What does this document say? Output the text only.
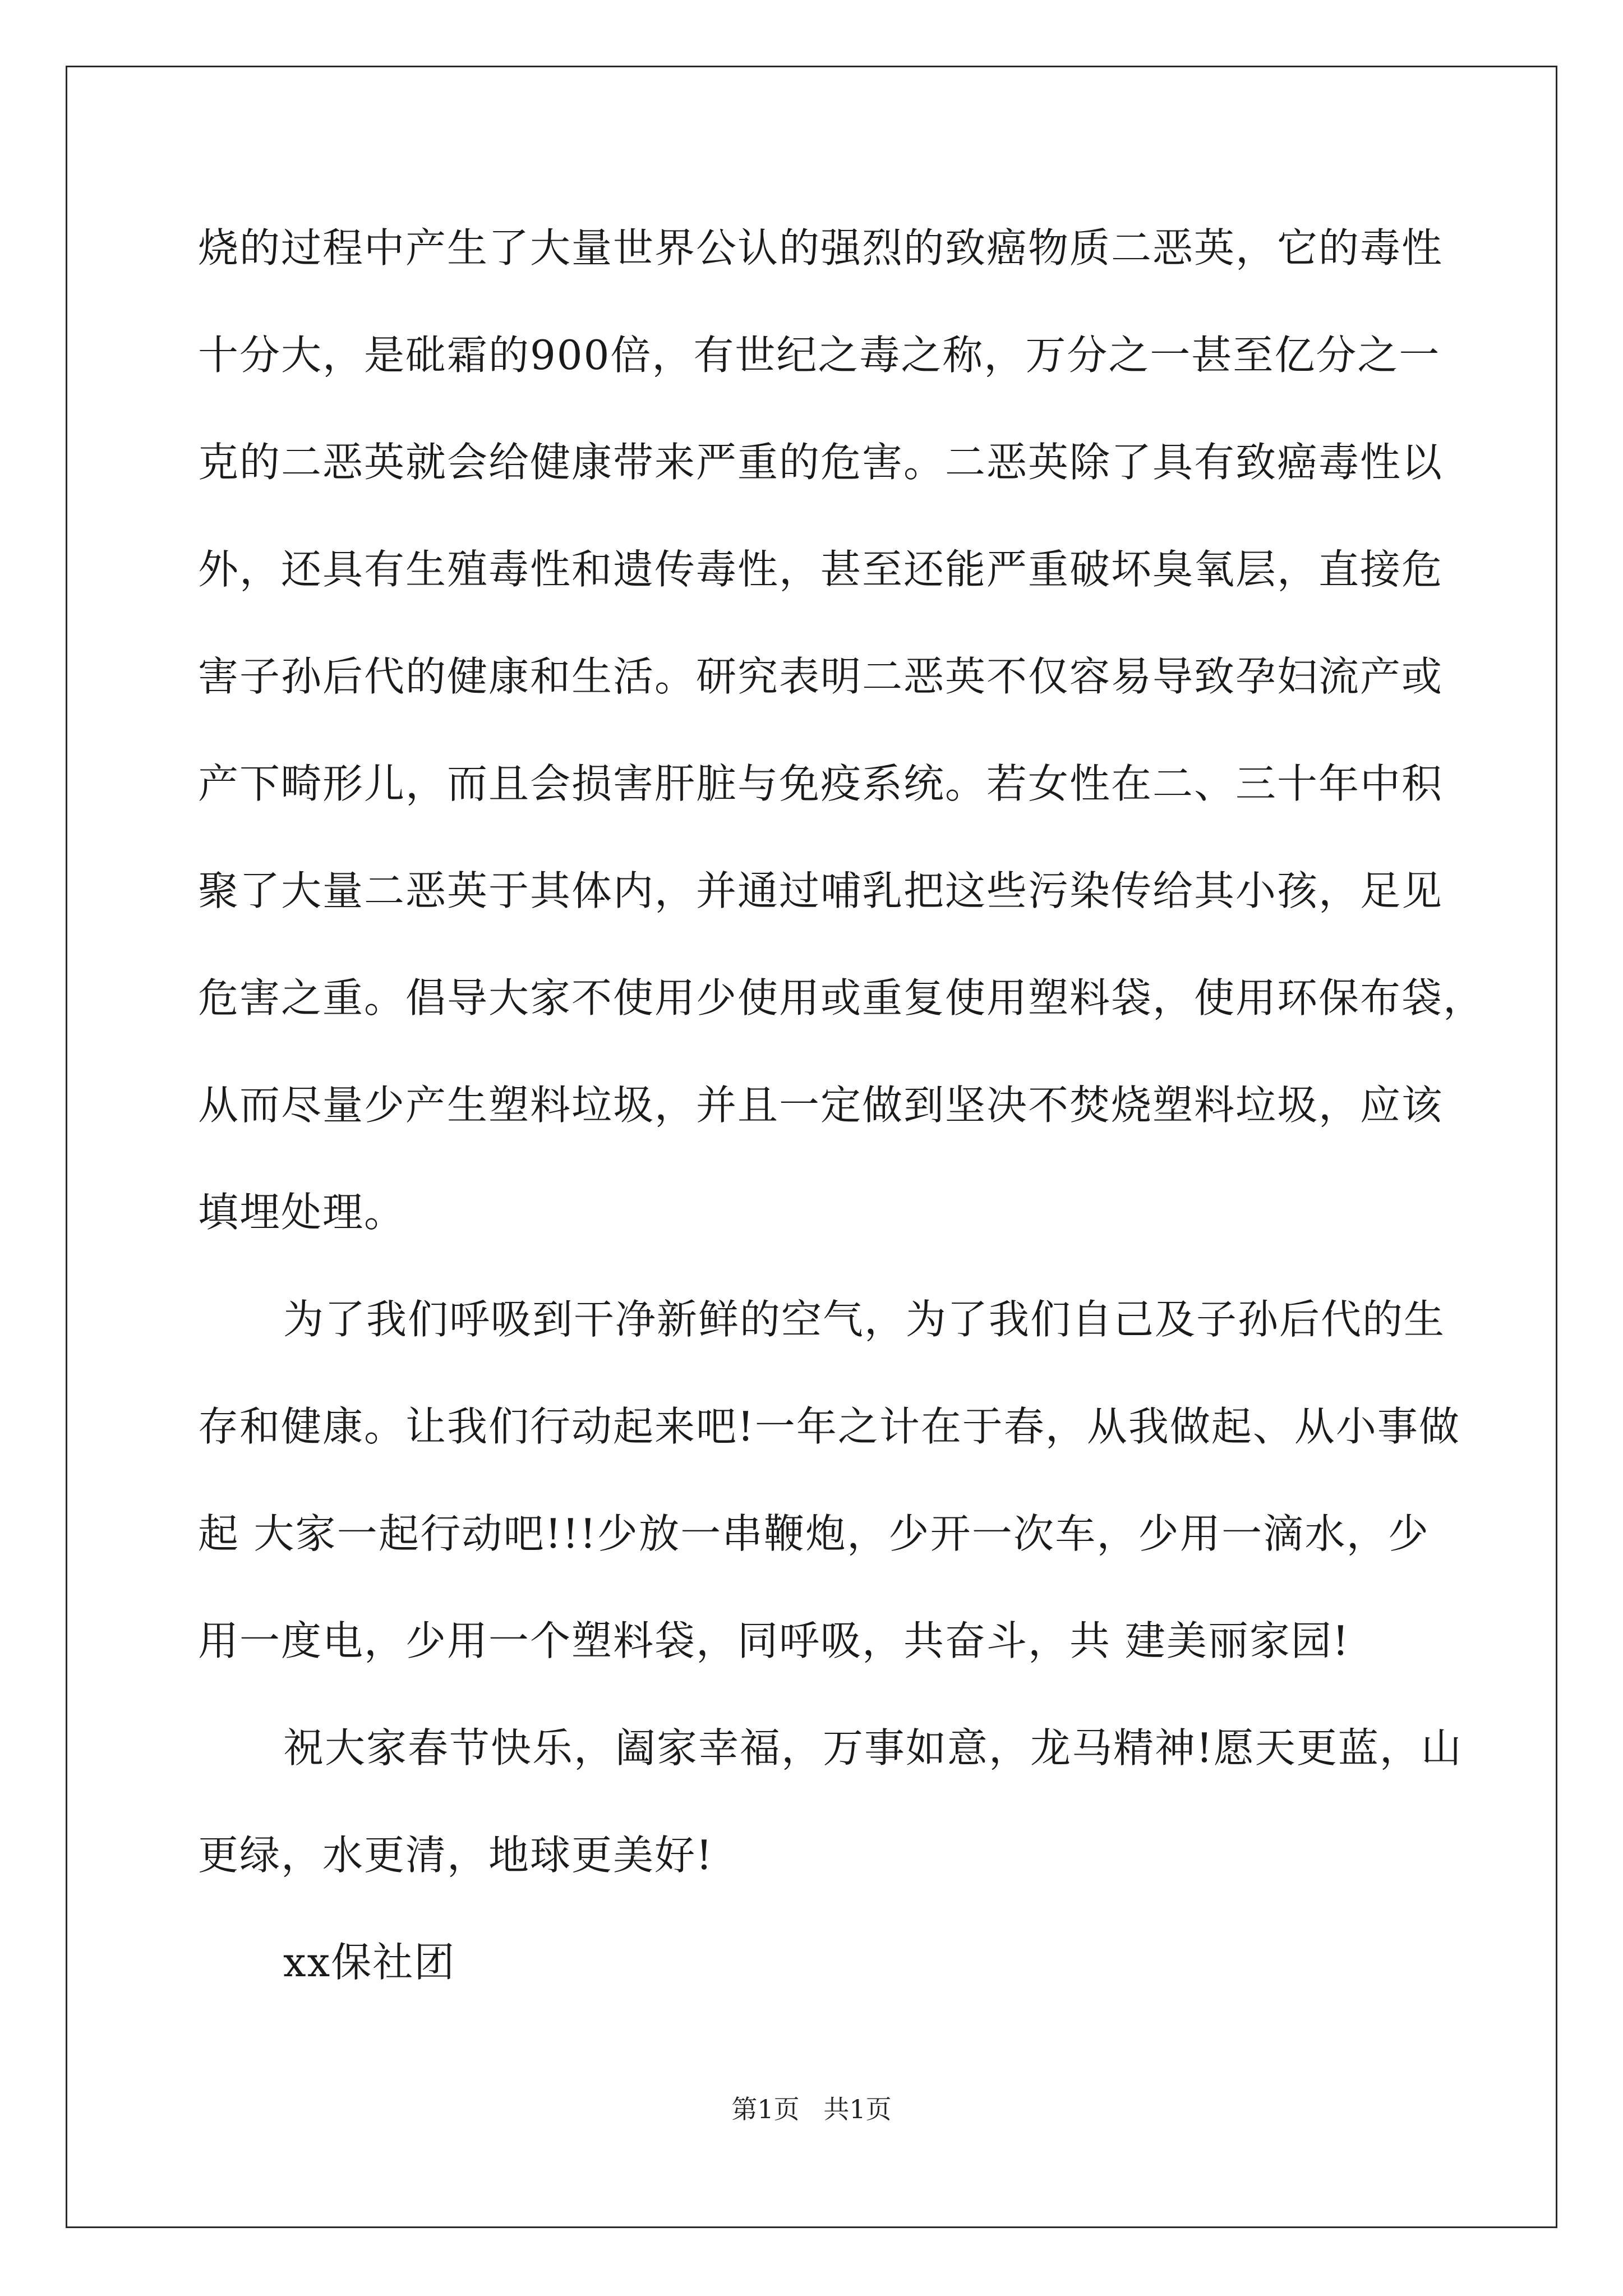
烧的过程中产生了大量世界公认的强烈的致癌物质二恶英，它的毒性
十分大，是砒霜的900倍，有世纪之毒之称，万分之一甚至亿分之一
克的二恶英就会给健康带来严重的危害。二恶英除了具有致癌毒性以
外，还具有生殖毒性和遗传毒性，甚至还能严重破坏臭氧层，直接危
害子孙后代的健康和生活。研究表明二恶英不仅容易导致孕妇流产或
产下畸形儿，而且会损害肝脏与免疫系统。若女性在二、三十年中积
聚了大量二恶英于其体内，并通过哺乳把这些污染传给其小孩，足见
危害之重。倡导大家不使用少使用或重复使用塑料袋，使用环保布袋，
从而尽量少产生塑料垃圾，并且一定做到坚决不焚烧塑料垃圾，应该
填埋处理。
为了我们呼吸到干净新鲜的空气，为了我们自己及子孙后代的生
存和健康。让我们行动起来吧!一年之计在于春，从我做起、从小事做
起 大家一起行动吧!!!少放一串鞭炮，少开一次车，少用一滴水，少
用一度电，少用一个塑料袋，同呼吸，共奋斗，共 建美丽家园!
祝大家春节快乐，阖家幸福，万事如意，龙马精神!愿天更蓝，山
更绿，水更清，地球更美好!
xx保社团
第1页 共1页
